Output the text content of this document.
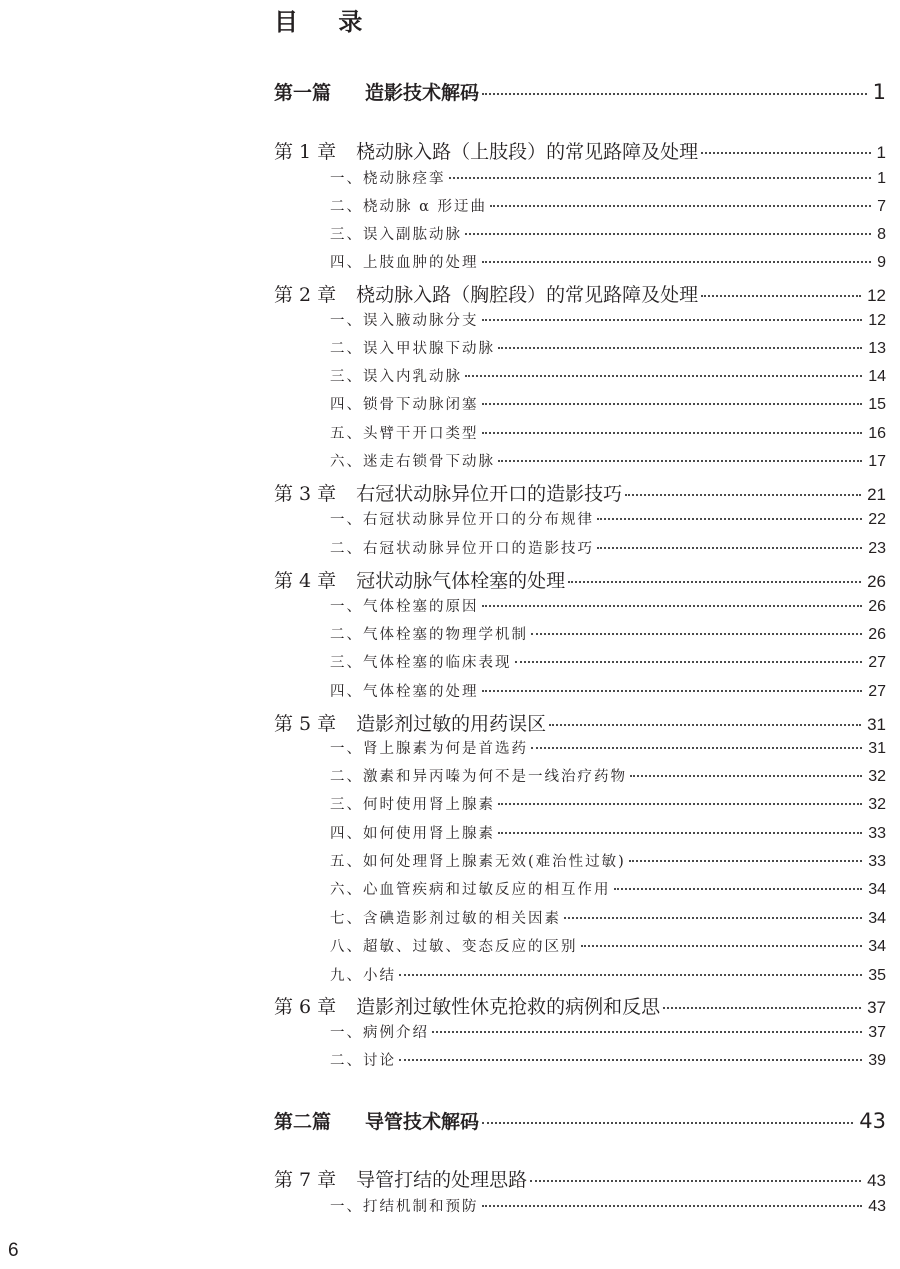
目 录
第一篇 造影技术解码	1
第 1 章 桡动脉入路（上肢段）的常见路障及处理	1
一、桡动脉痉挛	1
二、桡动脉 α 形迂曲	7
三、误入副肱动脉	8
四、上肢血肿的处理	9
第 2 章 桡动脉入路（胸腔段）的常见路障及处理	12
一、误入腋动脉分支	12
二、误入甲状腺下动脉	13
三、误入内乳动脉	14
四、锁骨下动脉闭塞	15
五、头臂干开口类型	16
六、迷走右锁骨下动脉	17
第 3 章 右冠状动脉异位开口的造影技巧	21
一、右冠状动脉异位开口的分布规律	22
二、右冠状动脉异位开口的造影技巧	23
第 4 章 冠状动脉气体栓塞的处理	26
一、气体栓塞的原因	26
二、气体栓塞的物理学机制	26
三、气体栓塞的临床表现	27
四、气体栓塞的处理	27
第 5 章 造影剂过敏的用药误区	31
一、肾上腺素为何是首选药	31
二、激素和异丙嗪为何不是一线治疗药物	32
三、何时使用肾上腺素	32
四、如何使用肾上腺素	33
五、如何处理肾上腺素无效(难治性过敏)	33
六、心血管疾病和过敏反应的相互作用	34
七、含碘造影剂过敏的相关因素	34
八、超敏、过敏、变态反应的区别	34
九、小结	35
第 6 章 造影剂过敏性休克抢救的病例和反思	37
一、病例介绍	37
二、讨论	39
第二篇 导管技术解码	43
第 7 章 导管打结的处理思路	43
一、打结机制和预防	43
6
